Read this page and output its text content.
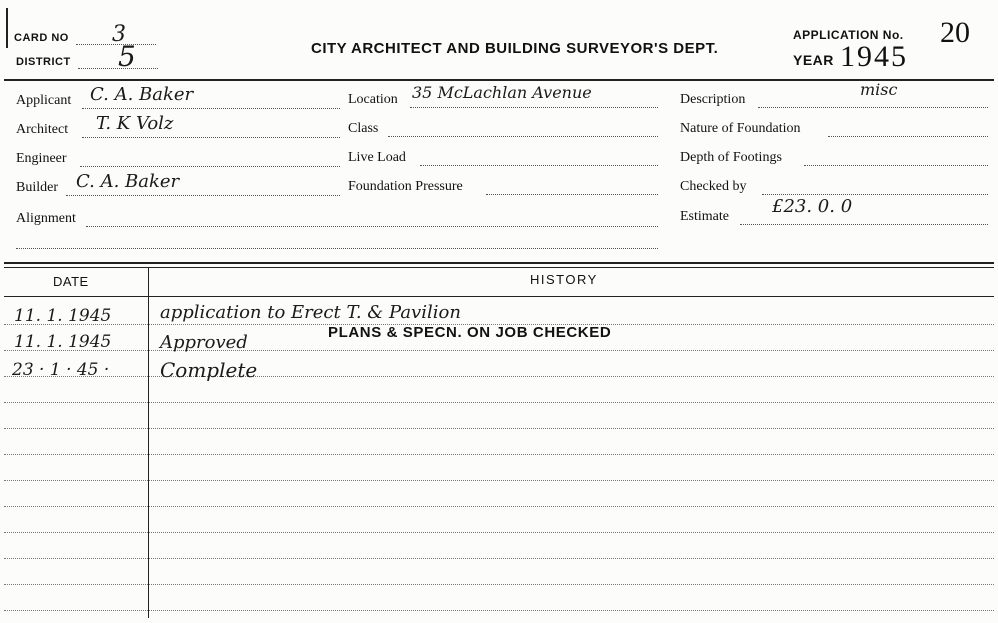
CARD NO 3
DISTRICT 5	CITY ARCHITECT AND BUILDING SURVEYOR'S DEPT.
APPLICATION No. 20
YEAR 1945
Applicant C. A. Baker
Architect T. K Volz
Engineer
Builder C. A. Baker
Alignment
Location 35 McLachlan Avenue
Class
Live Load
Foundation Pressure
Description
misc
Nature of Foundation
Depth of Footings
Checked by
Estimate £23. 0. 0
DATE	HISTORY
11. 1. 1945	application to Erect T. & Pavilion
PLANS & SPECN. ON JOB CHECKED
11. 1. 1945	Approved
23 · 1 · 45 ·	Complete
